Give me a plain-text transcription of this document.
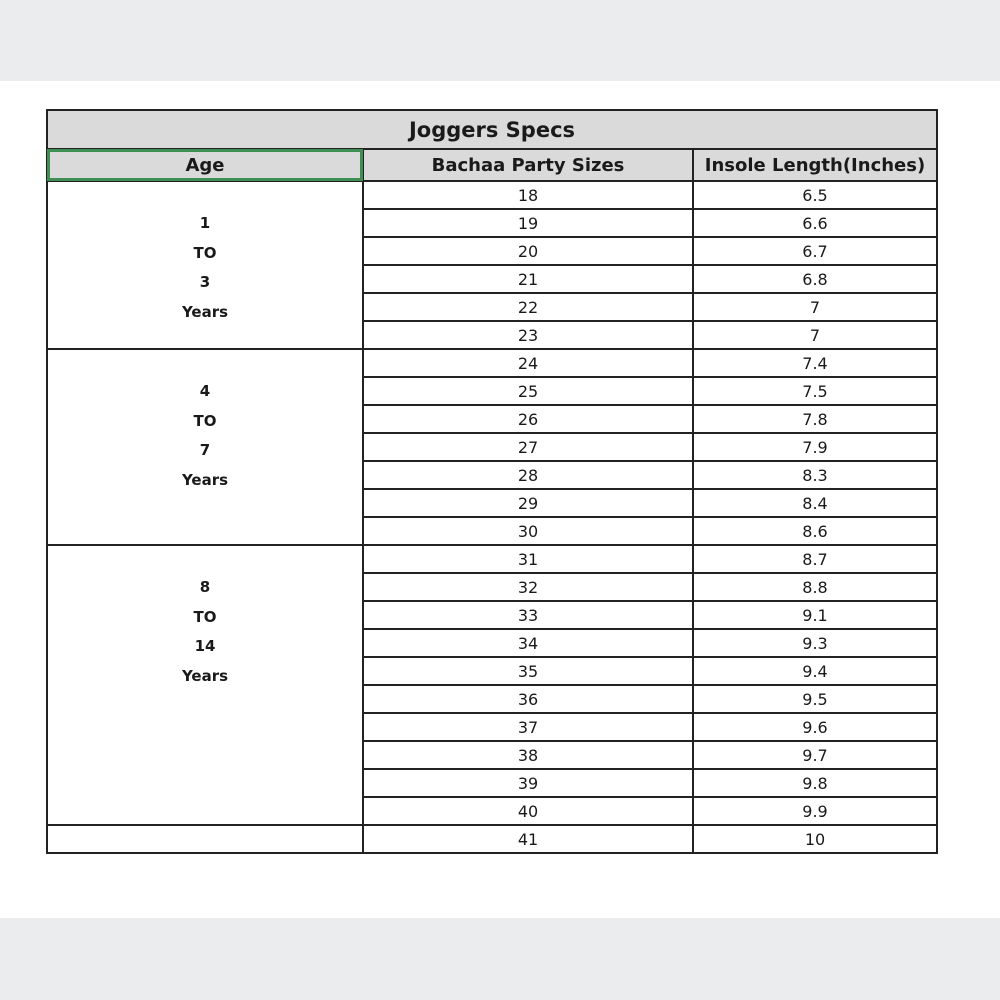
Joggers Specs		
Age	Bachaa Party Sizes	Insole Length(Inches)

1
TO
3
Years	18	6.5
	19	6.6
	20	6.7
	21	6.8
	22	7
	23	7

4
TO
7
Years	24	7.4
	25	7.5
	26	7.8
	27	7.9
	28	8.3
	29	8.4
	30	8.6

8
TO
14
Years	31	8.7
	32	8.8
	33	9.1
	34	9.3
	35	9.4
	36	9.5
	37	9.6
	38	9.7
	39	9.8
	40	9.9
	41	10
